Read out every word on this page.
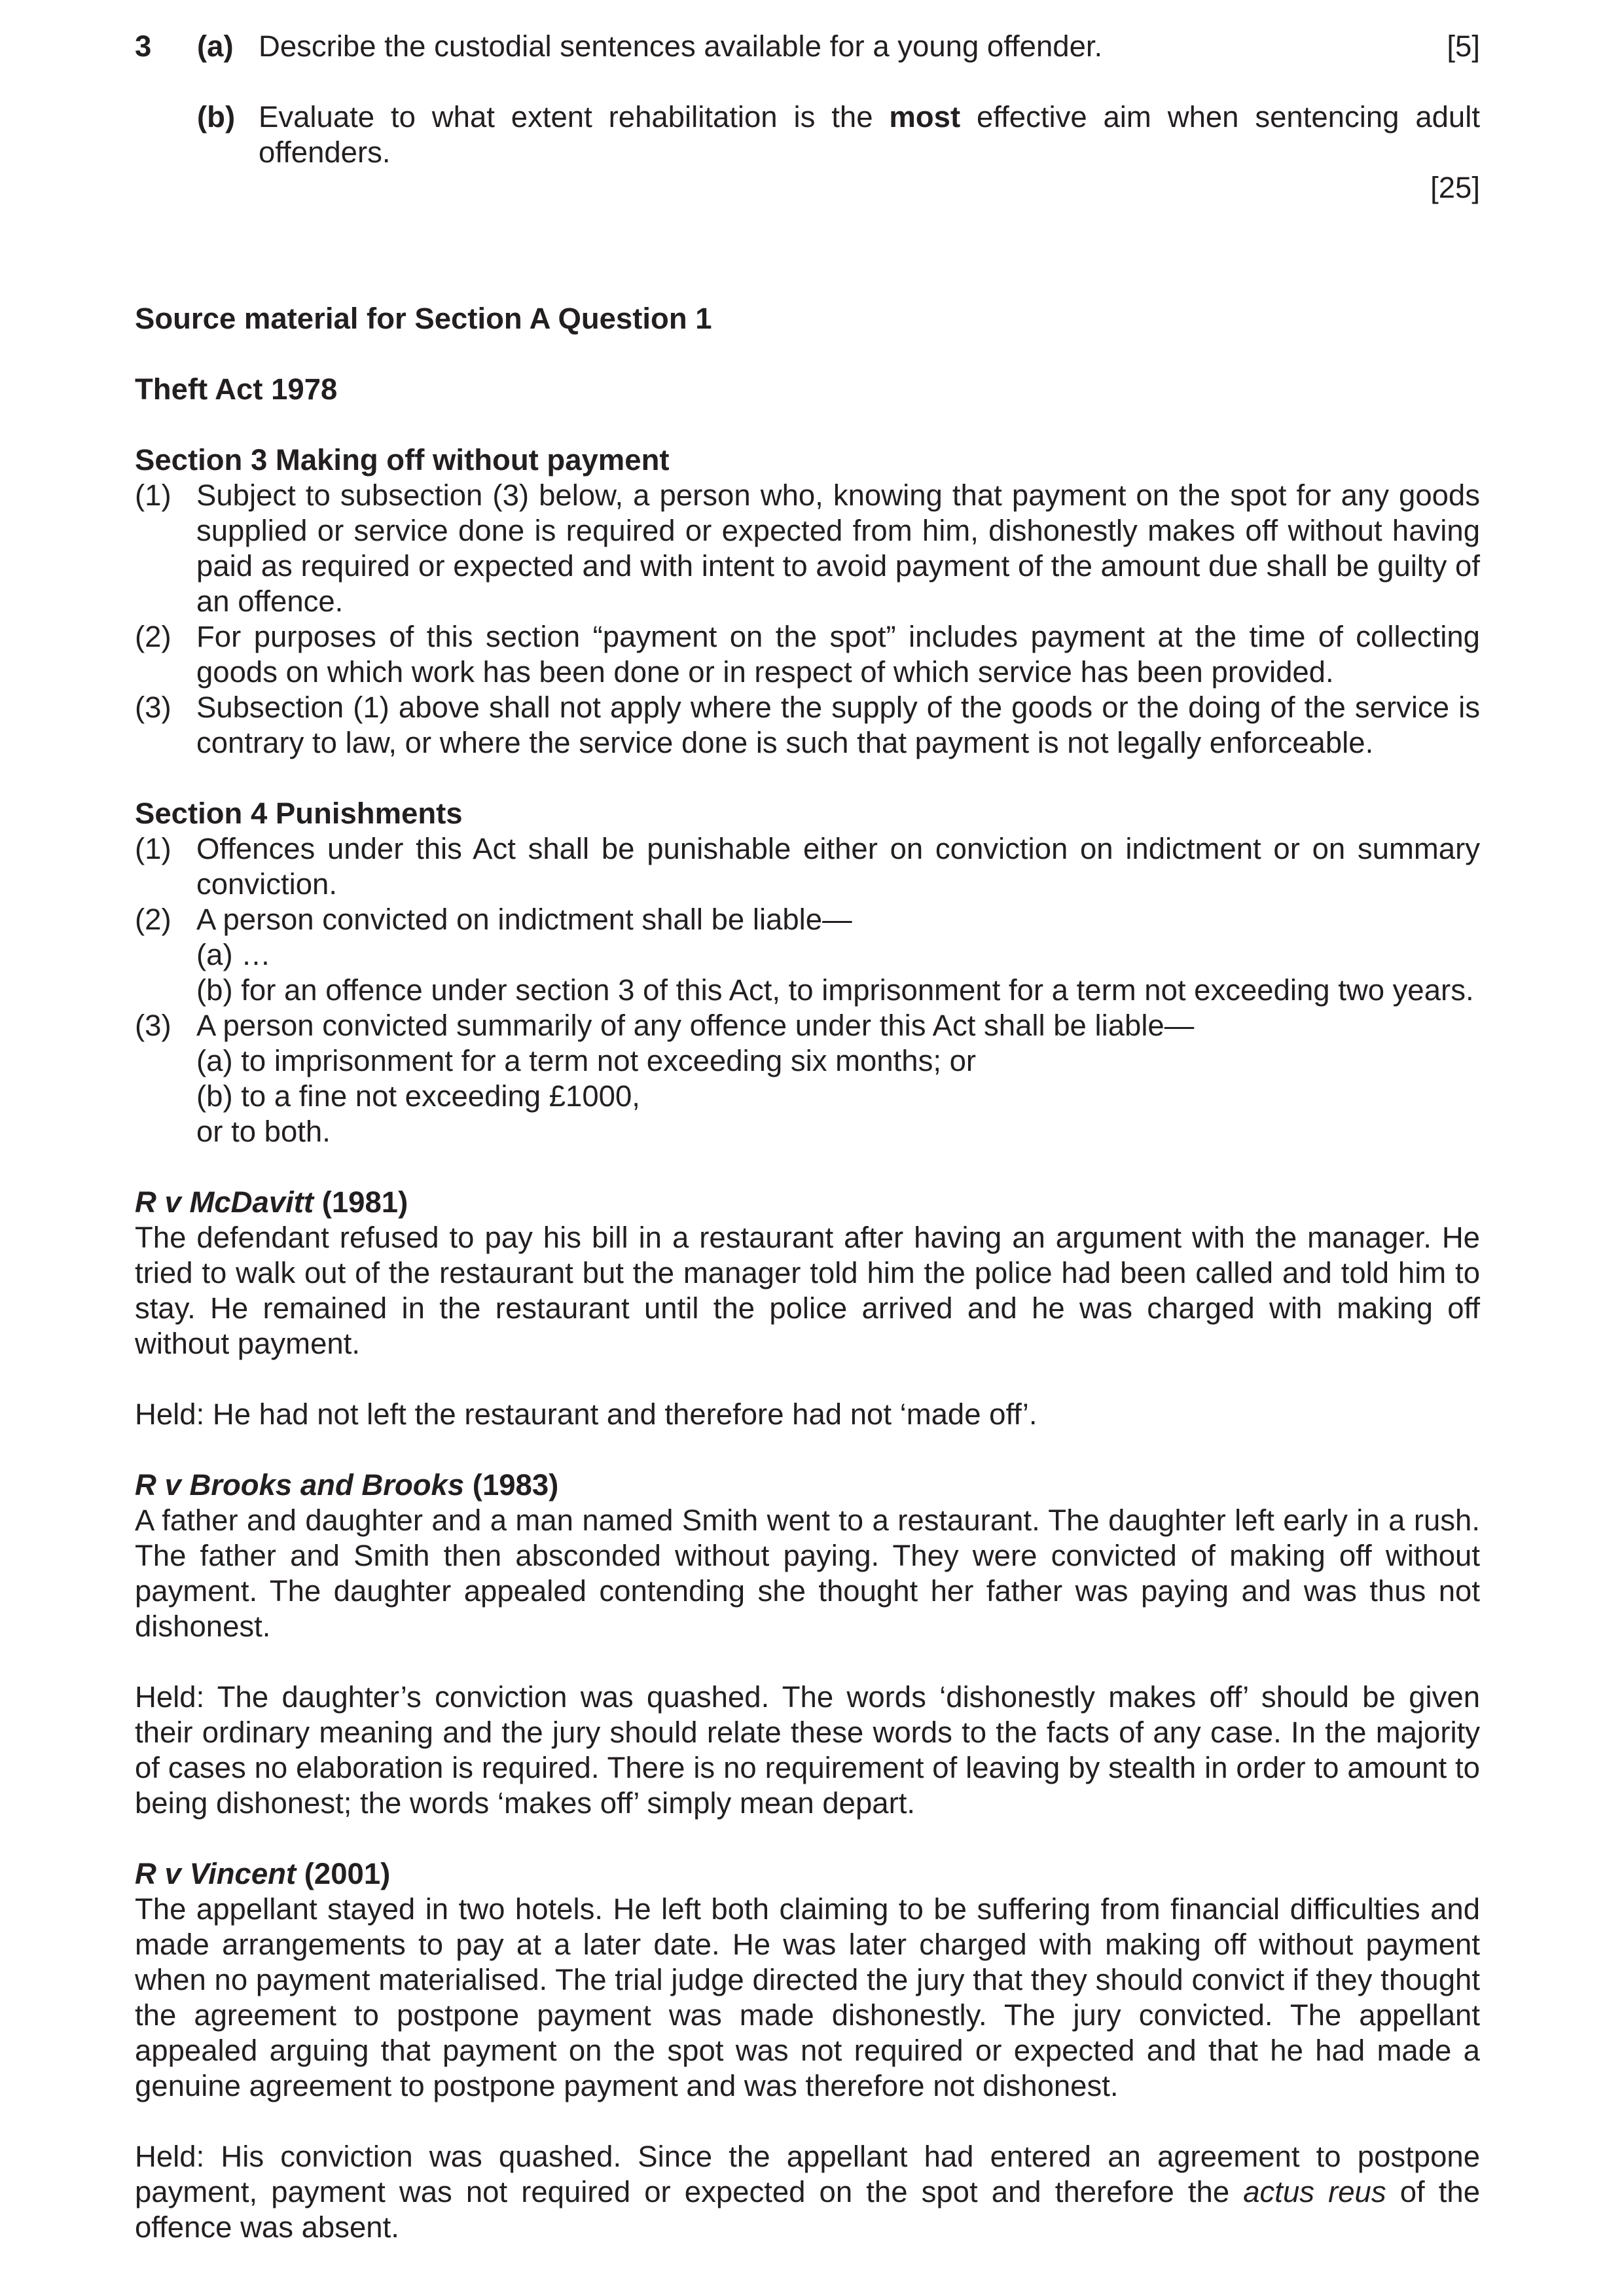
3 (a) Describe the custodial sentences available for a young offender.	[5]
(b) Evaluate to what extent rehabilitation is the most effective aim when sentencing adult offenders.

[25]

Source material for Section A Question 1

Theft Act 1978

Section 3 Making off without payment

(1) Subject to subsection (3) below, a person who, knowing that payment on the spot for any goods supplied or service done is required or expected from him, dishonestly makes off without having paid as required or expected and with intent to avoid payment of the amount due shall be guilty of an offence.
(2) For purposes of this section “payment on the spot” includes payment at the time of collecting goods on which work has been done or in respect of which service has been provided.
(3) Subsection (1) above shall not apply where the supply of the goods or the doing of the service is contrary to law, or where the service done is such that payment is not legally enforceable.

Section 4 Punishments

(1) Offences under this Act shall be punishable either on conviction on indictment or on summary conviction.
(2) A person convicted on indictment shall be liable—
(a) …
(b) for an offence under section 3 of this Act, to imprisonment for a term not exceeding two years.
(3) A person convicted summarily of any offence under this Act shall be liable—
(a) to imprisonment for a term not exceeding six months; or
(b) to a fine not exceeding £1000,
or to both.

R v McDavitt (1981)

The defendant refused to pay his bill in a restaurant after having an argument with the manager. He tried to walk out of the restaurant but the manager told him the police had been called and told him to stay. He remained in the restaurant until the police arrived and he was charged with making off without payment.

Held: He had not left the restaurant and therefore had not ‘made off’.

R v Brooks and Brooks (1983)

A father and daughter and a man named Smith went to a restaurant. The daughter left early in a rush. The father and Smith then absconded without paying. They were convicted of making off without payment. The daughter appealed contending she thought her father was paying and was thus not dishonest.

Held: The daughter’s conviction was quashed. The words ‘dishonestly makes off’ should be given their ordinary meaning and the jury should relate these words to the facts of any case. In the majority of cases no elaboration is required. There is no requirement of leaving by stealth in order to amount to being dishonest; the words ‘makes off’ simply mean depart.

R v Vincent (2001)

The appellant stayed in two hotels. He left both claiming to be suffering from financial difficulties and made arrangements to pay at a later date. He was later charged with making off without payment when no payment materialised. The trial judge directed the jury that they should convict if they thought the agreement to postpone payment was made dishonestly. The jury convicted. The appellant appealed arguing that payment on the spot was not required or expected and that he had made a genuine agreement to postpone payment and was therefore not dishonest.

Held: His conviction was quashed. Since the appellant had entered an agreement to postpone payment, payment was not required or expected on the spot and therefore the actus reus of the offence was absent.
